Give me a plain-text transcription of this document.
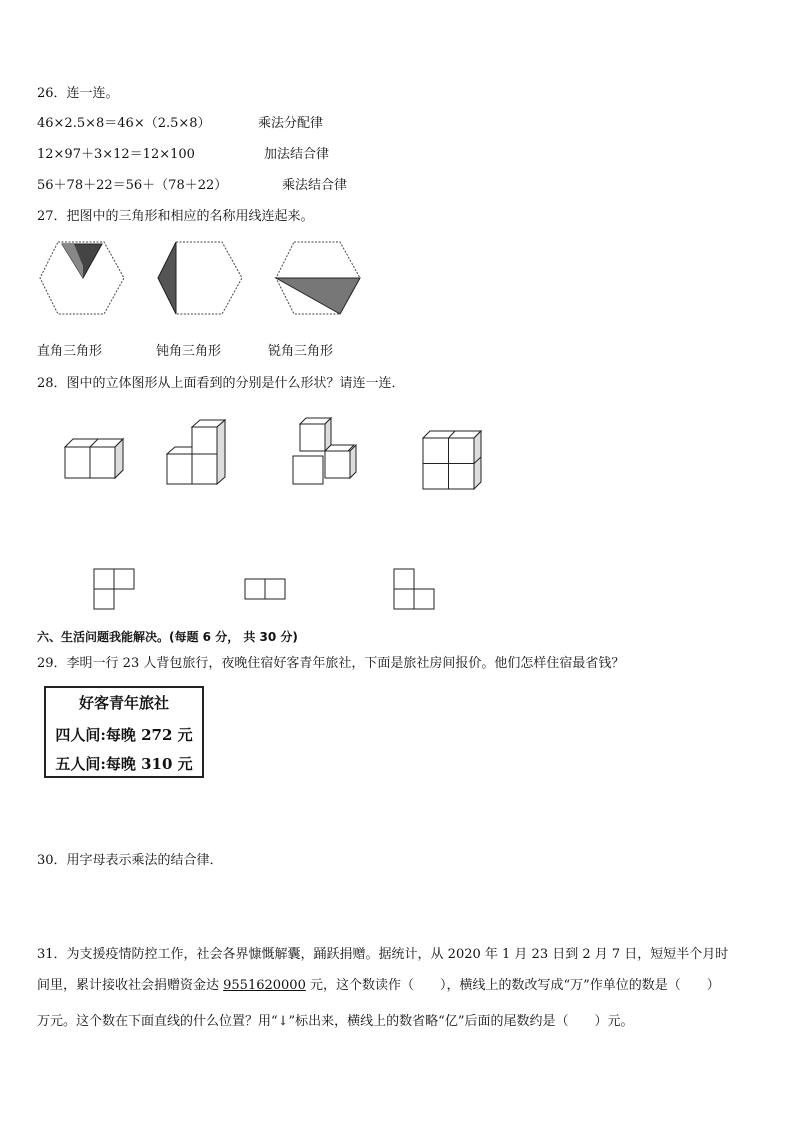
26．连一连。
46×2.5×8＝46×（2.5×8）	乘法分配律
12×97＋3×12＝12×100	加法结合律
56＋78＋22＝56＋（78＋22）	乘法结合律
27．把图中的三角形和相应的名称用线连起来。
直角三角形	钝角三角形	锐角三角形
28．图中的立体图形从上面看到的分别是什么形状？请连一连．
六、生活问题我能解决。(每题 6 分， 共 30 分)
29．李明一行 23 人背包旅行，夜晚住宿好客青年旅社，下面是旅社房间报价。他们怎样住宿最省钱？
好客青年旅社
四人间:每晚 272 元
五人间:每晚 310 元
30．用字母表示乘法的结合律．
31．为支援疫情防控工作，社会各界慷慨解囊，踊跃捐赠。据统计，从 2020 年 1 月 23 日到 2 月 7 日，短短半个月时
间里，累计接收社会捐赠资金达 9551620000 元，这个数读作（　　），横线上的数改写成“万”作单位的数是（　　）
万元。这个数在下面直线的什么位置？用“↓”标出来，横线上的数省略“亿”后面的尾数约是（　　）元。
